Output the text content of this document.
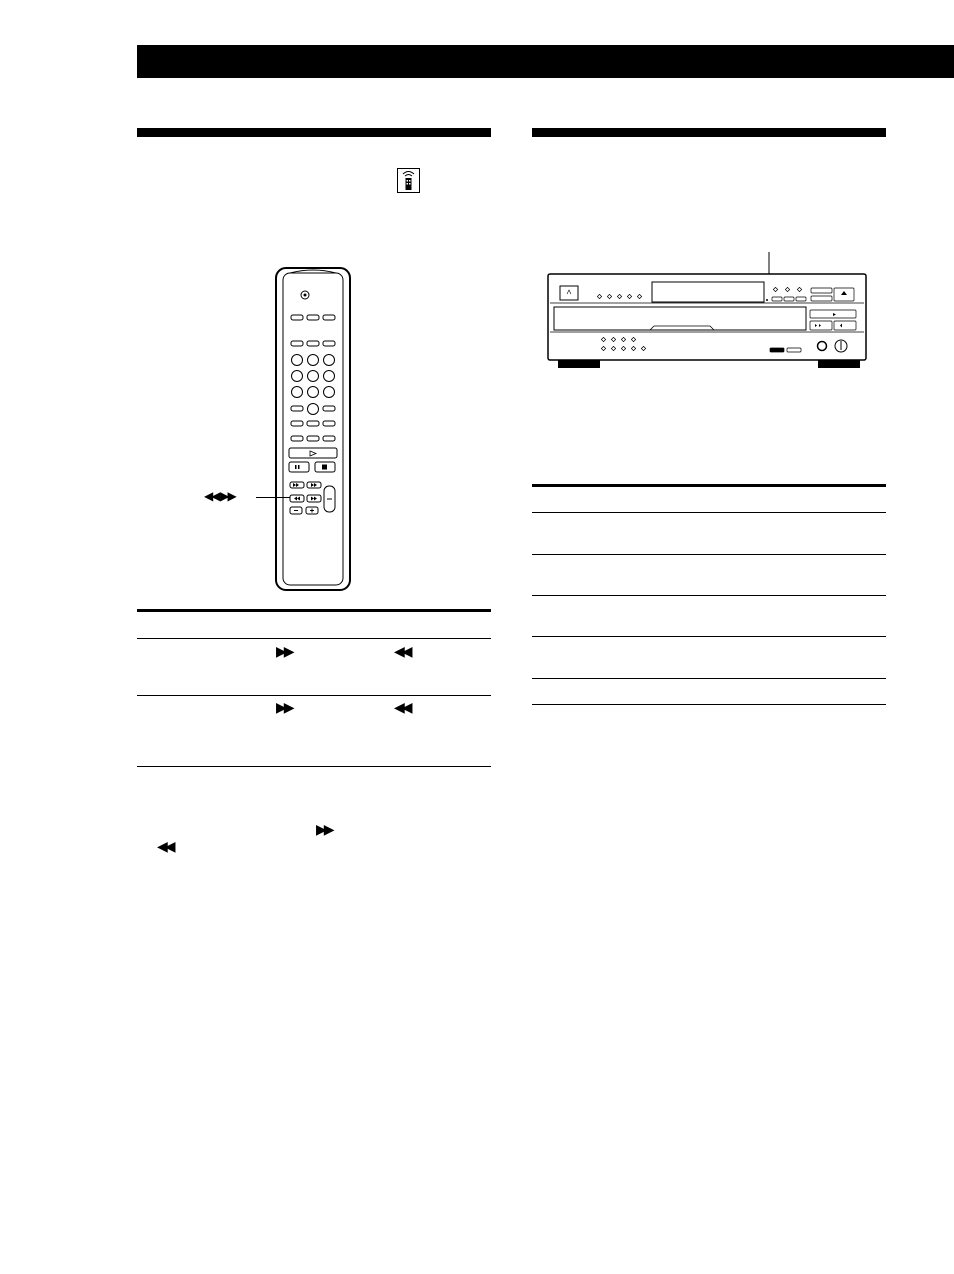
◀◀ ▶▶
▶▶	◀◀
▶▶	◀◀
▶▶
◀◀
